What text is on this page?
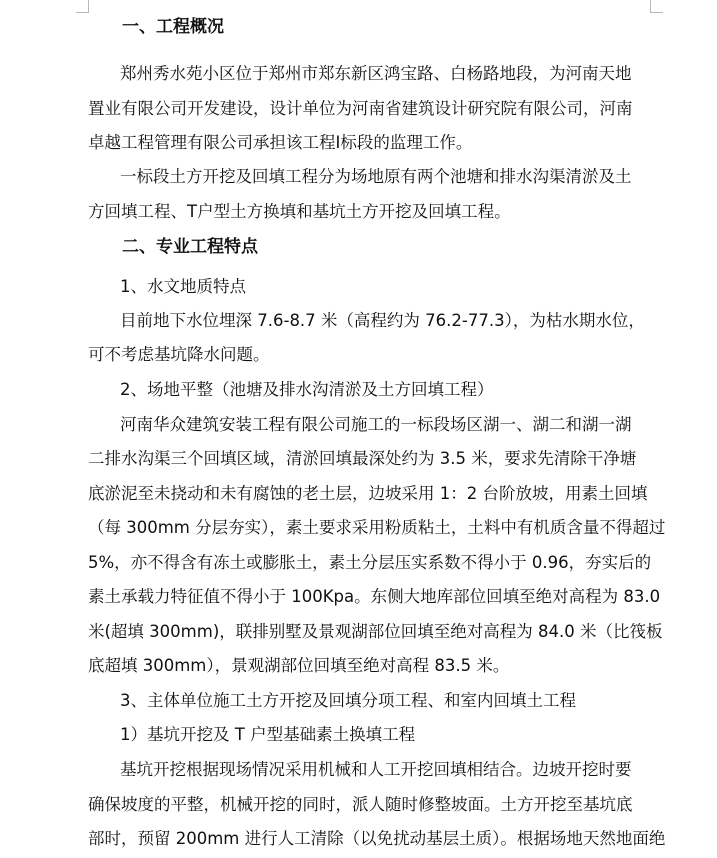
一、工程概况
郑州秀水苑小区位于郑州市郑东新区鸿宝路、白杨路地段，为河南天地
置业有限公司开发建设，设计单位为河南省建筑设计研究院有限公司，河南
卓越工程管理有限公司承担该工程Ⅰ标段的监理工作。
一标段土方开挖及回填工程分为场地原有两个池塘和排水沟渠清淤及土
方回填工程、T户型土方换填和基坑土方开挖及回填工程。
二、专业工程特点
1、水文地质特点
目前地下水位埋深 7.6-8.7 米（高程约为 76.2-77.3），为枯水期水位，
可不考虑基坑降水问题。
2、场地平整（池塘及排水沟清淤及土方回填工程）
河南华众建筑安装工程有限公司施工的一标段场区湖一、湖二和湖一湖
二排水沟渠三个回填区域，清淤回填最深处约为 3.5 米，要求先清除干净塘
底淤泥至未挠动和未有腐蚀的老土层，边坡采用 1：2 台阶放坡，用素土回填
（每 300mm 分层夯实），素土要求采用粉质粘土，土料中有机质含量不得超过
5%，亦不得含有冻土或膨胀土，素土分层压实系数不得小于 0.96，夯实后的
素土承载力特征值不得小于 100Kpa。东侧大地库部位回填至绝对高程为 83.0
米(超填 300mm)，联排别墅及景观湖部位回填至绝对高程为 84.0 米（比筏板
底超填 300mm），景观湖部位回填至绝对高程 83.5 米。
3、主体单位施工土方开挖及回填分项工程、和室内回填土工程
1）基坑开挖及 T 户型基础素土换填工程
基坑开挖根据现场情况采用机械和人工开挖回填相结合。边坡开挖时要
确保坡度的平整，机械开挖的同时，派人随时修整坡面。土方开挖至基坑底
部时，预留 200mm 进行人工清除（以免扰动基层土质）。根据场地天然地面绝
